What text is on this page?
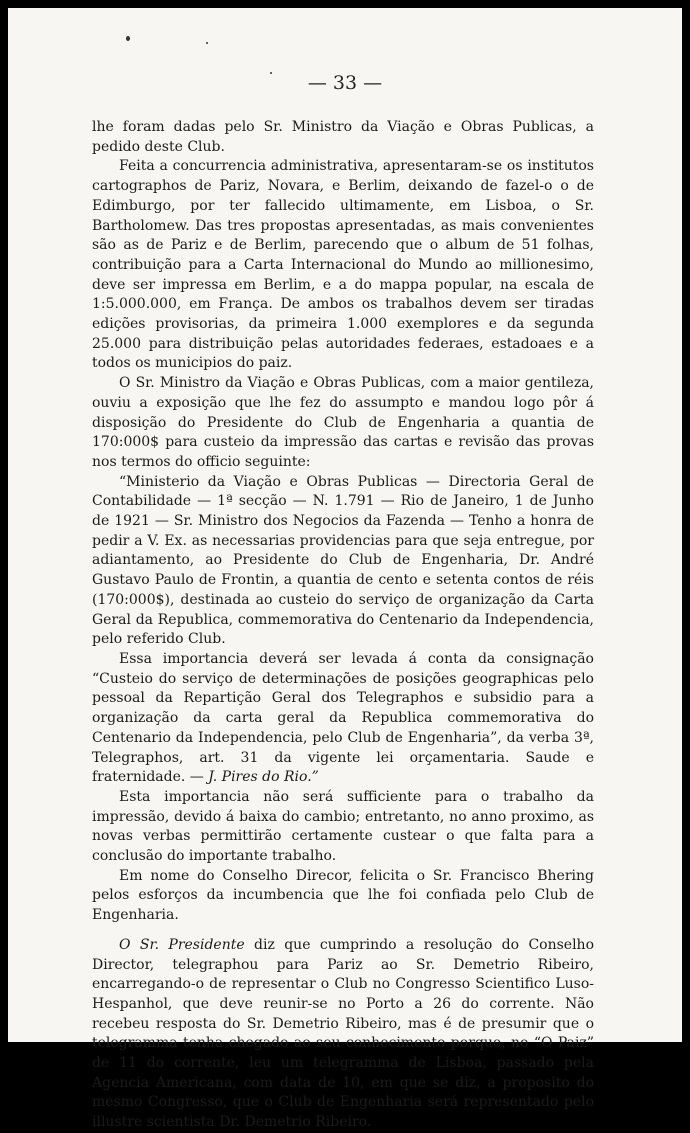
— 33 —

lhe foram dadas pelo Sr. Ministro da Viação e Obras Publicas, a pedido deste Club.

Feita a concurrencia administrativa, apresentaram-se os institutos cartographos de Pariz, Novara, e Berlim, deixando de fazel-o o de Edimburgo, por ter fallecido ultimamente, em Lisboa, o Sr. Bartholomew. Das tres propostas apresentadas, as mais convenientes são as de Pariz e de Berlim, parecendo que o album de 51 folhas, contribuição para a Carta Internacional do Mundo ao millionesimo, deve ser impressa em Berlim, e a do mappa popular, na escala de 1:5.000.000, em França. De ambos os trabalhos devem ser tiradas edições provisorias, da primeira 1.000 exemplores e da segunda 25.000 para distribuição pelas autoridades federaes, estadoaes e a todos os municipios do paiz.

O Sr. Ministro da Viação e Obras Publicas, com a maior gentileza, ouviu a exposição que lhe fez do assumpto e mandou logo pôr á disposição do Presidente do Club de Engenharia a quantia de 170:000$ para custeio da impressão das cartas e revisão das provas nos termos do officio seguinte:

“Ministerio da Viação e Obras Publicas — Directoria Geral de Contabilidade — 1ª secção — N. 1.791 — Rio de Janeiro, 1 de Junho de 1921 — Sr. Ministro dos Negocios da Fazenda — Tenho a honra de pedir a V. Ex. as necessarias providencias para que seja entregue, por adiantamento, ao Presidente do Club de Engenharia, Dr. André Gustavo Paulo de Frontin, a quantia de cento e setenta contos de réis (170:000$), destinada ao custeio do serviço de organização da Carta Geral da Republica, commemorativa do Centenario da Independencia, pelo referido Club.

Essa importancia deverá ser levada á conta da consignação “Custeio do serviço de determinações de posições geographicas pelo pessoal da Repartição Geral dos Telegraphos e subsidio para a organização da carta geral da Republica commemorativa do Centenario da Independencia, pelo Club de Engenharia”, da verba 3ª, Telegraphos, art. 31 da vigente lei orçamentaria. Saude e fraternidade. — J. Pires do Rio.”

Esta importancia não será sufficiente para o trabalho da impressão, devido á baixa do cambio; entretanto, no anno proximo, as novas verbas permittirão certamente custear o que falta para a conclusão do importante trabalho.

Em nome do Conselho Direcor, felicita o Sr. Francisco Bhering pelos esforços da incumbencia que lhe foi confiada pelo Club de Engenharia.

O Sr. Presidente diz que cumprindo a resolução do Conselho Director, telegraphou para Pariz ao Sr. Demetrio Ribeiro, encarregando-o de representar o Club no Congresso Scientifico Luso-Hespanhol, que deve reunir-se no Porto a 26 do corrente. Não recebeu resposta do Sr. Demetrio Ribeiro, mas é de presumir que o telegramma tenha chegado ao seu conhecimento porque, no “O Paiz” de 11 do corrente, leu um telegramma de Lisboa, passado pela Agencia Americana, com data de 10, em que se diz, a proposito do mesmo Congresso, que o Club de Engenharia será representado pelo illustre scientista Dr. Demetrio Ribeiro.
